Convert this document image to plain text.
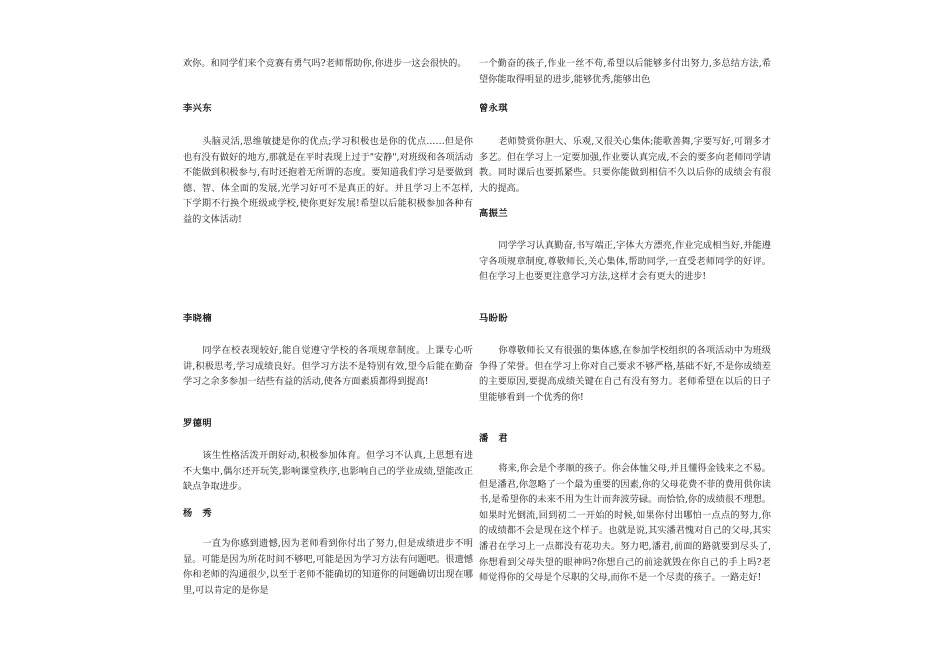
欢你。和同学们来个竞赛有勇气吗?老师帮助你,你进步一这会很快的。

李兴东

头脑灵活,思维敏捷是你的优点;学习积极也是你的优点……但是你也有没有做好的地方,那就是在平时表现上过于"安静",对班级和各项活动不能做到积极参与,有时还抱着无所谓的态度。要知道我们学习是要做到德、智、体全面的发展,光学习好可不是真正的好。并且学习上不怎样,下学期不行换个班级或学校,使你更好发展!希望以后能积极参加各种有益的文体活动!

李晓楠

同学在校表现较好,能自觉遵守学校的各项规章制度。上课专心听讲,积极思考,学习成绩良好。但学习方法不是特别有效,望今后能在勤奋学习之余多参加一结些有益的活动,使各方面素质都得到提高!

罗德明

该生性格活泼开朗好动,积极参加体育。但学习不认真,上思想有进不大集中,偶尔还开玩笑,影响课堂秩序,也影响自己的学业成绩,望能改正缺点争取进步。

杨　秀

一直为你感到遗憾,因为老师看到你付出了努力,但是成绩进步不明显。可能是因为所花时间不够吧,可能是因为学习方法有问题吧。很遗憾你和老师的沟通很少,以至于老师不能确切的知道你的问题确切出现在哪里,可以肯定的是你是

一个勤奋的孩子,作业一丝不苟,希望以后能够多付出努力,多总结方法,希望你能取得明显的进步,能够优秀,能够出色

曾永琪

老师赞赏你胆大、乐观,又很关心集体;能歌善舞,字要写好,可谓多才多艺。但在学习上一定要加强,作业要认真完成,不会的要多向老师同学请教。同时课后也要抓紧些。只要你能做到相信不久以后你的成绩会有很大的提高。

高振兰

同学学习认真勤奋,书写端正,字体大方漂亮,作业完成相当好,并能遵守各项规章制度,尊敬师长,关心集体,帮助同学,一直受老师同学的好评。但在学习上也要更注意学习方法,这样才会有更大的进步!

马盼盼

你尊敬师长又有很强的集体感,在参加学校组织的各项活动中为班级争得了荣誉。但在学习上你对自己要求不够严格,基础不好,不是你成绩差的主要原因,要提高成绩关键在自己有没有努力。老师希望在以后的日子里能够看到一个优秀的你!

潘　君

将来,你会是个孝顺的孩子。你会体恤父母,并且懂得金钱来之不易。但是潘君,你忽略了一个最为重要的因素,你的父母花费不菲的费用供你读书,是希望你的未来不用为生计而奔波劳碌。而恰恰,你的成绩很不理想。如果时光倒流,回到初二一开始的时候,如果你付出哪怕一点点的努力,你的成绩都不会是现在这个样子。也就是说,其实潘君愧对自己的父母,其实潘君在学习上一点都没有花功夫。努力吧,潘君,前面的路就要到尽头了,你想看到父母失望的眼神吗?你想自己的前途就毁在你自己的手上吗?老师觉得你的父母是个尽职的父母,而你不是一个尽责的孩子。一路走好!
